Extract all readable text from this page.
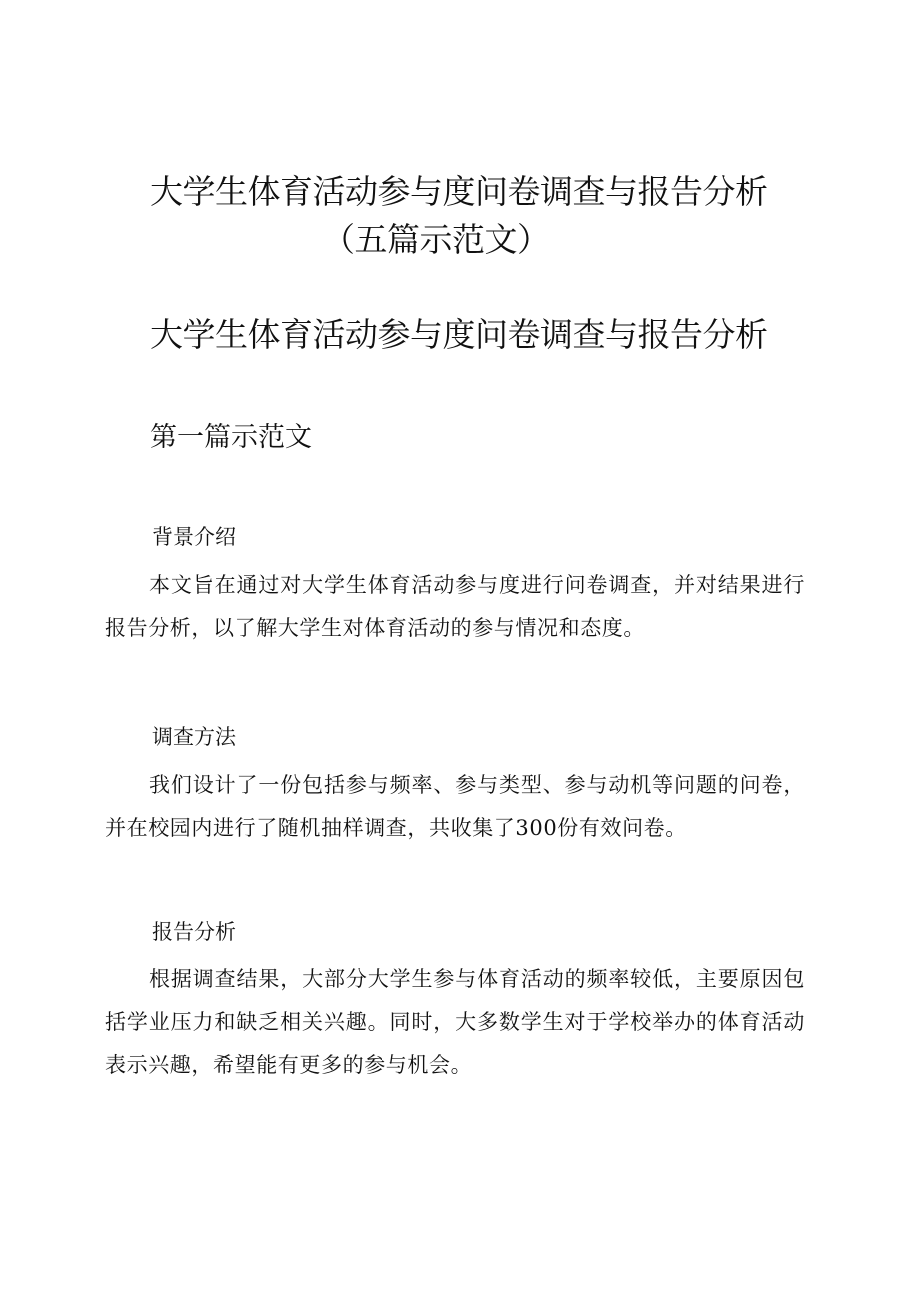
大学生体育活动参与度问卷调查与报告分析
（五篇示范文）
大学生体育活动参与度问卷调查与报告分析
第一篇示范文
背景介绍

本文旨在通过对大学生体育活动参与度进行问卷调查，并对结果进行报告分析，以了解大学生对体育活动的参与情况和态度。

调查方法

我们设计了一份包括参与频率、参与类型、参与动机等问题的问卷，并在校园内进行了随机抽样调查，共收集了300份有效问卷。

报告分析

根据调查结果，大部分大学生参与体育活动的频率较低，主要原因包括学业压力和缺乏相关兴趣。同时，大多数学生对于学校举办的体育活动表示兴趣，希望能有更多的参与机会。
